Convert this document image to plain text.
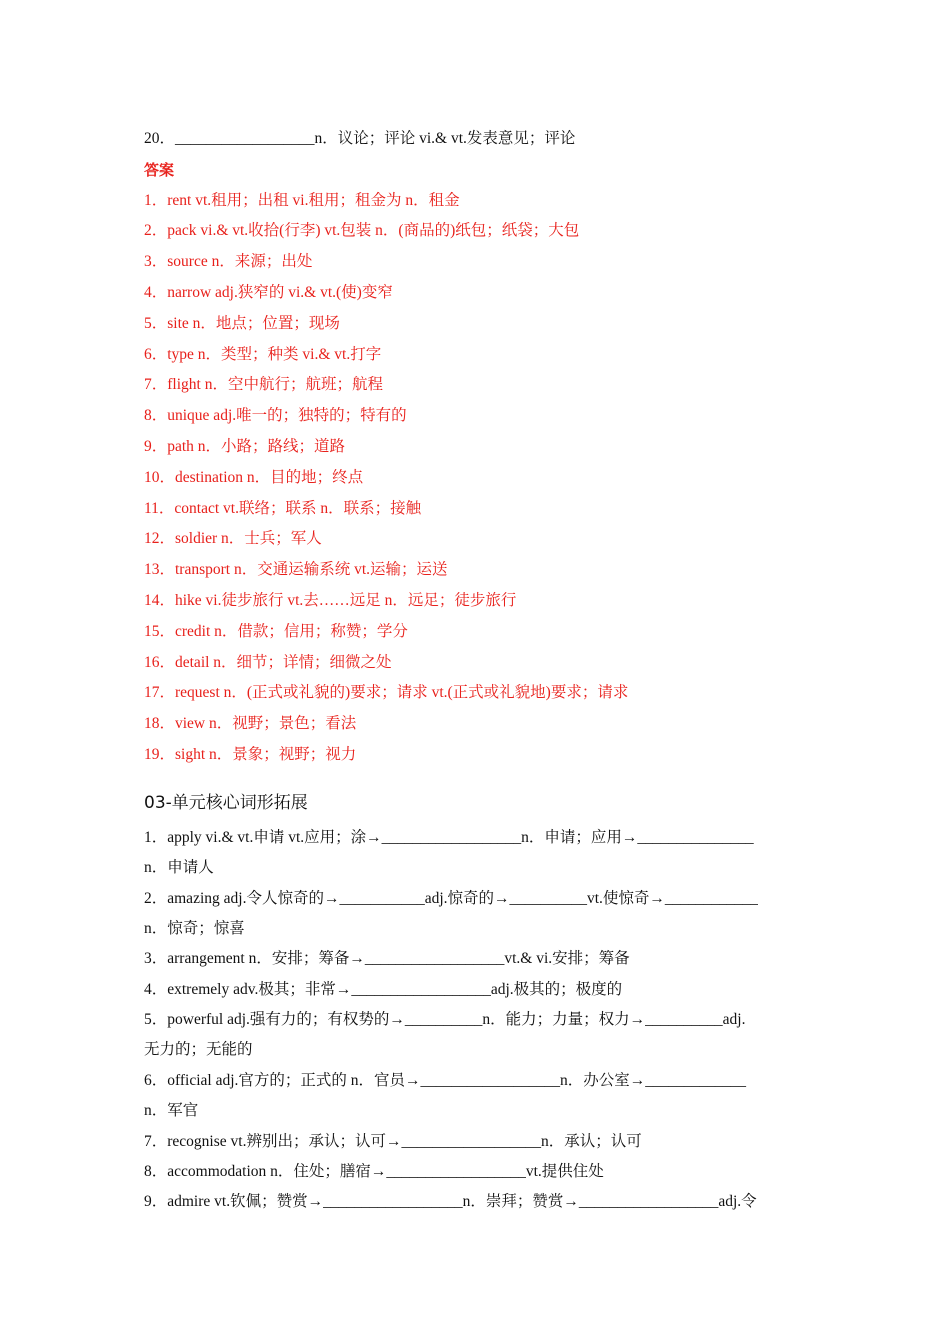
20．__________________n．议论；评论 vi.& vt.发表意见；评论
答案
1．rent vt.租用；出租 vi.租用；租金为 n．租金
2．pack vi.& vt.收拾(行李) vt.包装 n．(商品的)纸包；纸袋；大包
3．source n．来源；出处
4．narrow adj.狭窄的 vi.& vt.(使)变窄
5．site n．地点；位置；现场
6．type n．类型；种类 vi.& vt.打字
7．flight n．空中航行；航班；航程
8．unique adj.唯一的；独特的；特有的
9．path n．小路；路线；道路
10．destination n．目的地；终点
11．contact vt.联络；联系 n．联系；接触
12．soldier n．士兵；军人
13．transport n．交通运输系统 vt.运输；运送
14．hike vi.徒步旅行 vt.去……远足 n．远足；徒步旅行
15．credit n．借款；信用；称赞；学分
16．detail n．细节；详情；细微之处
17．request n．(正式或礼貌的)要求；请求 vt.(正式或礼貌地)要求；请求
18．view n．视野；景色；看法
19．sight n．景象；视野；视力
03-单元核心词形拓展
1．apply vi.& vt.申请 vt.应用；涂→__________________n．申请；应用→_______________
n．申请人
2．amazing adj.令人惊奇的→___________adj.惊奇的→__________vt.使惊奇→____________
n．惊奇；惊喜
3．arrangement n．安排；筹备→__________________vt.& vi.安排；筹备
4．extremely adv.极其；非常→__________________adj.极其的；极度的
5．powerful adj.强有力的；有权势的→__________n．能力；力量；权力→__________adj.
无力的；无能的
6．official adj.官方的；正式的 n．官员→__________________n．办公室→_____________
n．军官
7．recognise vt.辨别出；承认；认可→__________________n．承认；认可
8．accommodation n．住处；膳宿→__________________vt.提供住处
9．admire vt.钦佩；赞赏→__________________n．崇拜；赞赏→__________________adj.令
